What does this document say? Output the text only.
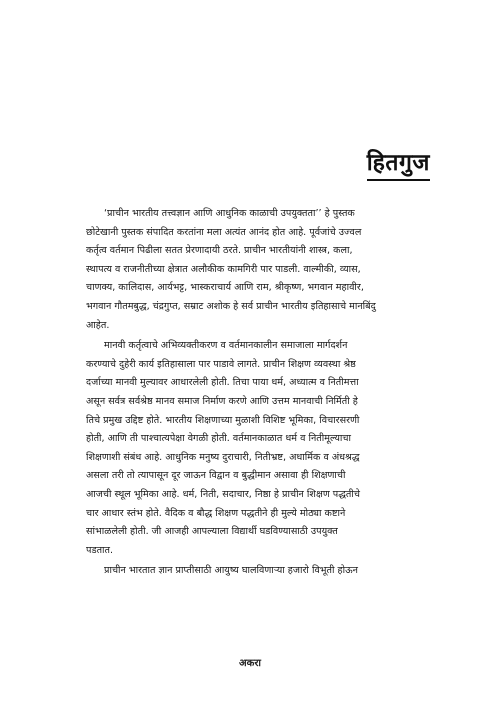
हितगुज
‘प्राचीन भारतीय तत्त्वज्ञान आणि आधुनिक काळाची उपयुक्तता’’ हे पुस्तक
छोटेखानी पुस्तक संपादित करतांना मला अत्यंत आनंद होत आहे. पूर्वजांचे उज्वल
कर्तृत्व वर्तमान पिढीला सतत प्रेरणादायी ठरते. प्राचीन भारतीयांनी शास्त्र, कला,
स्थापत्य व राजनीतीच्या क्षेत्रात अलौकीक कामगिरी पार पाडली. वाल्मीकी, व्यास,
चाणक्य, कालिदास, आर्यभट्ट, भास्कराचार्य आणि राम, श्रीकृष्ण, भगवान महावीर,
भगवान गौतमबुद्ध, चंद्रगुप्त, सम्राट अशोक हे सर्व प्राचीन भारतीय इतिहासाचे मानबिंदु
आहेत.
मानवी कर्तृत्वाचे अभिव्यक्तीकरण व वर्तमानकालीन समाजाला मार्गदर्शन
करण्याचे दुहेरी कार्य इतिहासाला पार पाडावे लागते. प्राचीन शिक्षण व्यवस्था श्रेष्ठ
दर्जाच्या मानवी मुल्यावर आधारलेली होती. तिचा पाया धर्म, अध्यात्म व नितीमत्ता
असून सर्वत्र सर्वश्रेष्ठ मानव समाज निर्माण करणे आणि उत्तम मानवाची निर्मिती हे
तिचे प्रमुख उद्दिष्ट होते. भारतीय शिक्षणाच्या मुळाशी विशिष्ट भूमिका, विचारसरणी
होती, आणि ती पाश्‍चात्यपेक्षा वेगळी होती. वर्तमानकाळात धर्म व नितीमूल्याचा
शिक्षणाशी संबंध आहे. आधुनिक मनुष्य दुराचारी, नितीभ्रष्ट, अधार्मिक व अंधश्रद्ध
असला तरी तो त्यापासून दूर जाऊन विद्वान व बुद्धीमान असावा ही शिक्षणाची
आजची स्थूल भूमिका आहे. धर्म, निती, सदाचार, निष्ठा हे प्राचीन शिक्षण पद्धतीचे
चार आधार स्तंभ होते. वैदिक व बौद्ध शिक्षण पद्धतीने ही मुल्ये मोठ्या कष्टाने
सांभाळलेली होती. जी आजही आपल्याला विद्यार्थी घडविण्यासाठी उपयुक्त
पडतात.
प्राचीन भारतात ज्ञान प्राप्तीसाठी आयुष्य घालविणाऱ्या हजारो विभूती होऊन
अकरा
